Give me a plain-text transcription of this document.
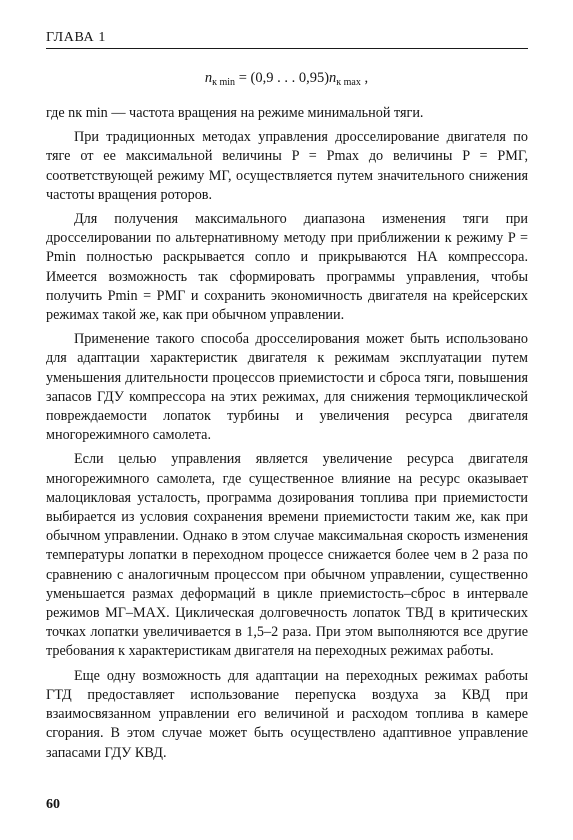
ГЛАВА 1
$n_{к min} = (0,9$ . . . $0,95)n_{к max}$ ,

где nк min — частота вращения на режиме минимальной тяги.

При традиционных методах управления дросселирование двигателя по тяге от ее максимальной величины P = Pmax до величины P = PМГ, соответствующей режиму МГ, осуществляется путем значительного снижения частоты вращения роторов.

Для получения максимального диапазона изменения тяги при дросселировании по альтернативному методу при приближении к режиму P = Pmin полностью раскрывается сопло и прикрываются НА компрессора. Имеется возможность так сформировать программы управления, чтобы получить Pmin = PМГ и сохранить экономичность двигателя на крейсерских режимах такой же, как при обычном управлении.

Применение такого способа дросселирования может быть использовано для адаптации характеристик двигателя к режимам эксплуатации путем уменьшения длительности процессов приемистости и сброса тяги, повышения запасов ГДУ компрессора на этих режимах, для снижения термоциклической повреждаемости лопаток турбины и увеличения ресурса двигателя многорежимного самолета.

Если целью управления является увеличение ресурса двигателя многорежимного самолета, где существенное влияние на ресурс оказывает малоцикловая усталость, программа дозирования топлива при приемистости выбирается из условия сохранения времени приемистости таким же, как при обычном управлении. Однако в этом случае максимальная скорость изменения температуры лопатки в переходном процессе снижается более чем в 2 раза по сравнению с аналогичным процессом при обычном управлении, существенно уменьшается размах деформаций в цикле приемистость–сброс в интервале режимов МГ–МАХ. Циклическая долговечность лопаток ТВД в критических точках лопатки увеличивается в 1,5–2 раза. При этом выполняются все другие требования к характеристикам двигателя на переходных режимах работы.

Еще одну возможность для адаптации на переходных режимах работы ГТД предоставляет использование перепуска воздуха за КВД при взаимосвязанном управлении его величиной и расходом топлива в камере сгорания. В этом случае может быть осуществлено адаптивное управление запасами ГДУ КВД.

60
